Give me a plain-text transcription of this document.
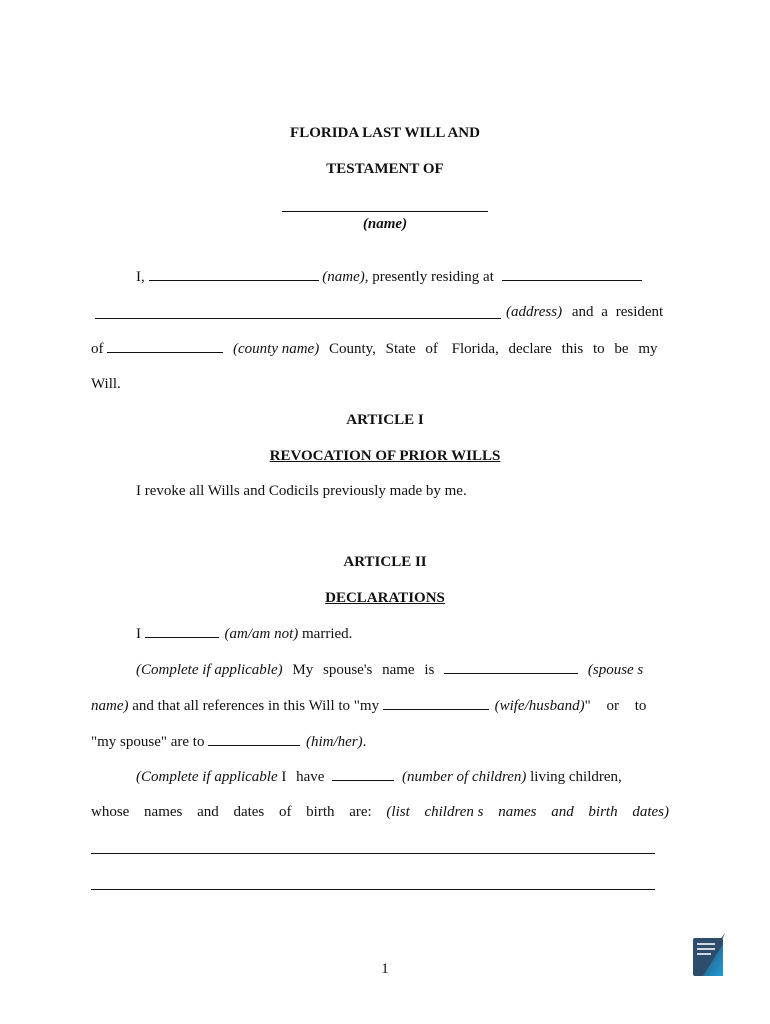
FLORIDA LAST WILL AND
TESTAMENT OF
(name)
I,	(name), presently residing at
(address) and a resident
of	(county name) County, State of Florida, declare this to be my
Will.
ARTICLE I
REVOCATION OF PRIOR WILLS
I revoke all Wills and Codicils previously made by me.
ARTICLE II
DECLARATIONS
I	(am/am not) married.
(Complete if applicable) My spouse's name is	(spouse s
name) and that all references in this Will to "my	(wife/husband)" or to
"my spouse" are to	(him/her).
(Complete if applicable I have	(number of children) living children,
whose names and dates of birth are: (list children s names and birth dates)
1
